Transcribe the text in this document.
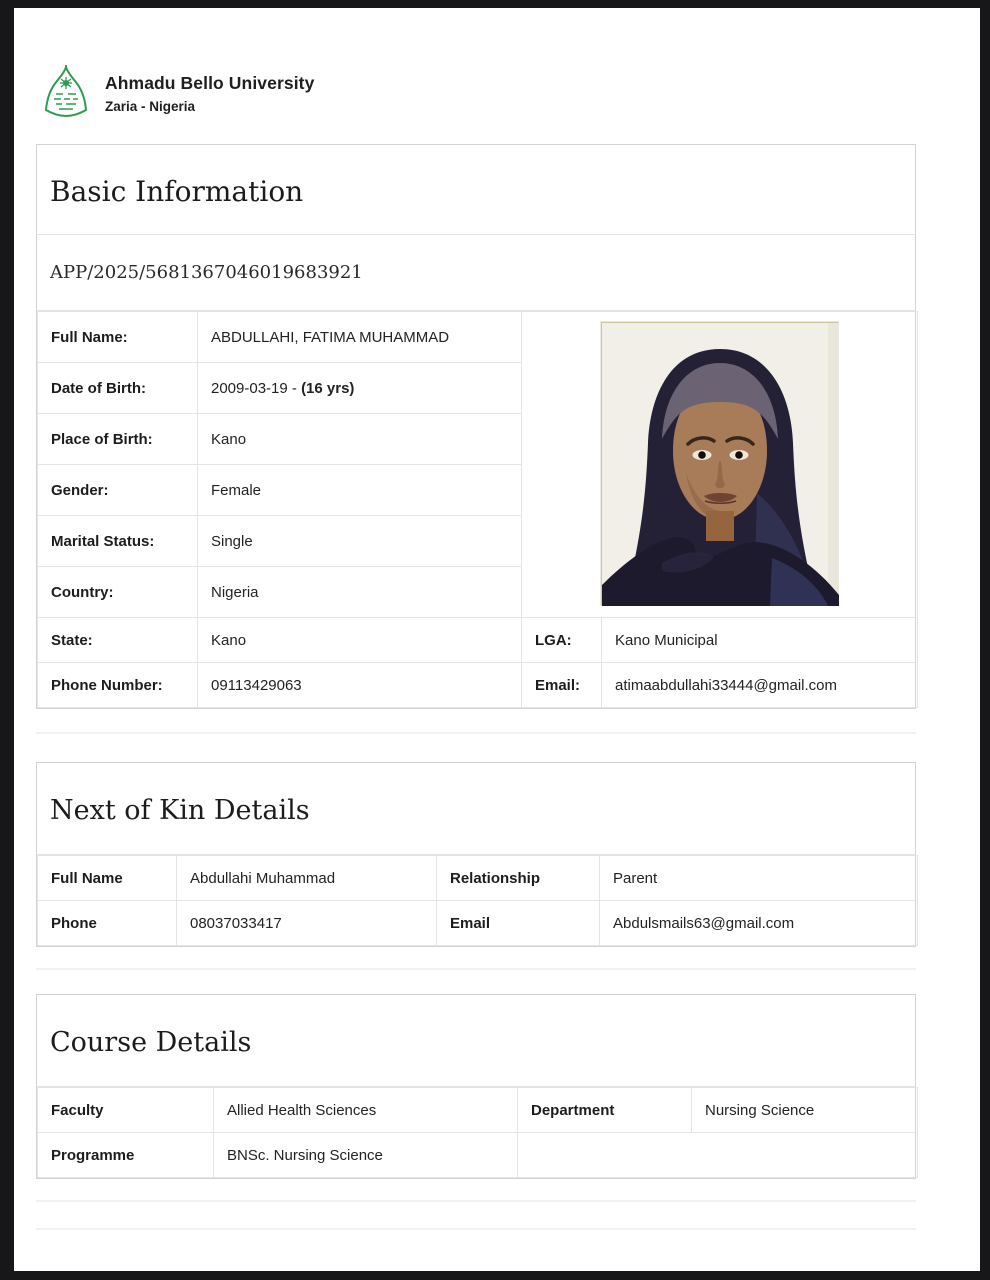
Ahmadu Bello University
Zaria - Nigeria
Basic Information
APP/2025/5681367046019683921
Full Name:	ABDULLAHI, FATIMA MUHAMMAD	
Date of Birth:	2009-03-19 - (16 yrs)		
Place of Birth:	Kano		
Gender:	Female		
Marital Status:	Single		
Country:	Nigeria		
State:	Kano	LGA:	Kano Municipal
Phone Number:	09113429063	Email:	atimaabdullahi33444@gmail.com
Next of Kin Details
Full Name	Abdullahi Muhammad	Relationship	Parent
Phone	08037033417	Email	Abdulsmails63@gmail.com
Course Details
Faculty	Allied Health Sciences	Department	Nursing Science
Programme	BNSc. Nursing Science		
